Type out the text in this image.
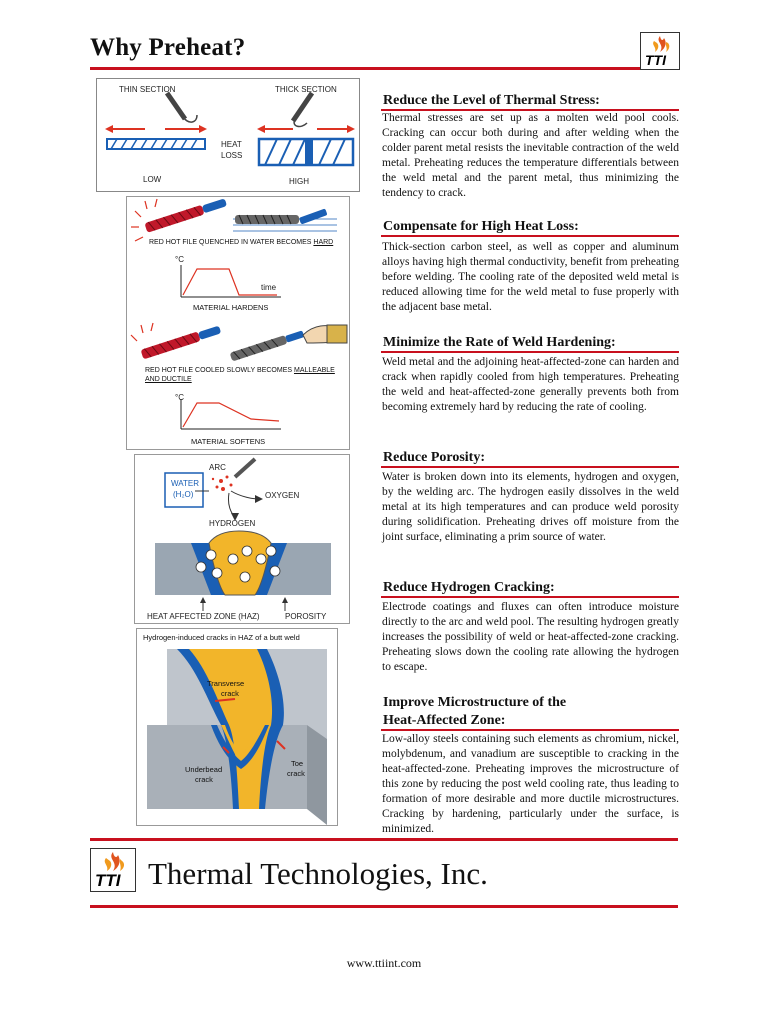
Why Preheat?	TTI
THIN SECTION	THICK SECTION
HEAT
LOSS
LOW	HIGH
RED HOT FILE QUENCHED IN WATER BECOMES HARD
°C
time
MATERIAL HARDENS
RED HOT FILE COOLED SLOWLY BECOMES MALLEABLE
AND DUCTILE
°C
MATERIAL SOFTENS
WATER
(H₂O)
ARC
OXYGEN
HYDROGEN
HEAT AFFECTED ZONE (HAZ)	POROSITY
Hydrogen-induced cracks in HAZ of a butt weld
Transverse
crack
Underbead
crack
Toe
crack
Reduce the Level of Thermal Stress:
Thermal stresses are set up as a molten weld pool cools. Cracking can occur both during and after welding when the colder parent metal resists the inevitable contraction of the weld metal. Preheating reduces the temperature differentials between the weld metal and the parent metal, thus minimizing the tendency to crack.
Compensate for High Heat Loss:
Thick-section carbon steel, as well as copper and aluminum alloys having high thermal conductivity, benefit from preheating before welding. The cooling rate of the deposited weld metal is reduced allowing time for the weld metal to fuse properly with the adjacent base metal.
Minimize the Rate of Weld Hardening:
Weld metal and the adjoining heat-affected-zone can harden and crack when rapidly cooled from high temperatures. Preheating the weld and heat-affected-zone generally prevents both from becoming extremely hard by reducing the rate of cooling.
Reduce Porosity:
Water is broken down into its elements, hydrogen and oxygen, by the welding arc. The hydrogen easily dissolves in the weld metal at its high temperatures and can produce weld porosity during solidification. Preheating drives off moisture from the joint surface, eliminating a prim source of water.
Reduce Hydrogen Cracking:
Electrode coatings and fluxes can often introduce moisture directly to the arc and weld pool. The resulting hydrogen greatly increases the possibility of weld or heat-affected-zone cracking. Preheating slows down the cooling rate allowing the hydrogen to escape.
Improve Microstructure of the
Heat-Affected Zone:
Low-alloy steels containing such elements as chromium, nickel, molybdenum, and vanadium are susceptible to cracking in the heat-affected-zone. Preheating improves the microstructure of this zone by reducing the post weld cooling rate, thus leading to formation of more desirable and more ductile microstructures. Cracking by hardening, particularly under the surface, is minimized.
TTI Thermal Technologies, Inc.
www.ttiint.com
